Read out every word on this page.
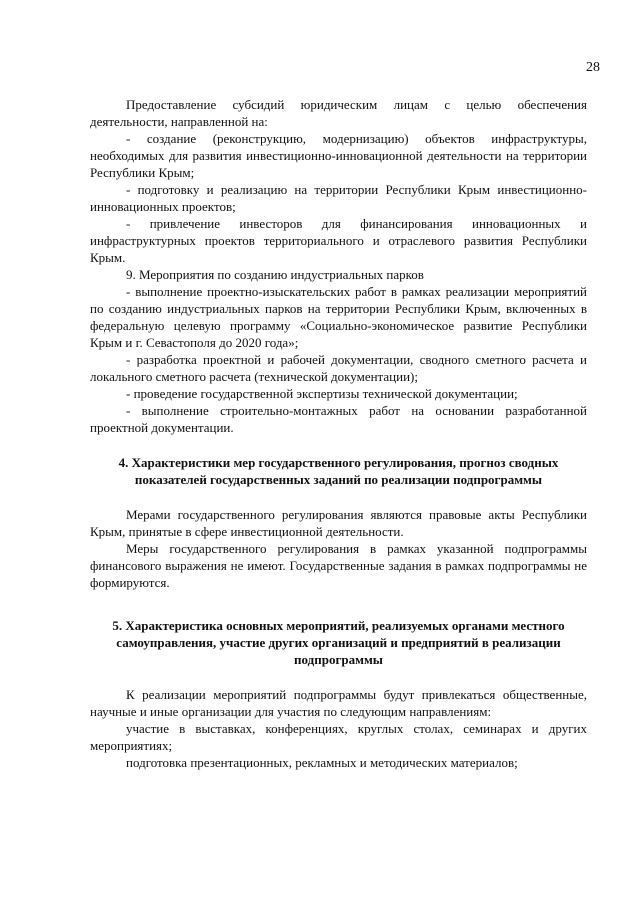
28

Предоставление субсидий юридическим лицам с целью обеспечения деятельности, направленной на:

- создание (реконструкцию, модернизацию) объектов инфраструктуры, необходимых для развития инвестиционно-инновационной деятельности на территории Республики Крым;

- подготовку и реализацию на территории Республики Крым инвестиционно-инновационных проектов;

- привлечение инвесторов для финансирования инновационных и инфраструктурных проектов территориального и отраслевого развития Республики Крым.

9. Мероприятия по созданию индустриальных парков

- выполнение проектно-изыскательских работ в рамках реализации мероприятий по созданию индустриальных парков на территории Республики Крым, включенных в федеральную целевую программу «Социально-экономическое развитие Республики Крым и г. Севастополя до 2020 года»;

- разработка проектной и рабочей документации, сводного сметного расчета и локального сметного расчета (технической документации);

- проведение государственной экспертизы технической документации;

- выполнение строительно-монтажных работ на основании разработанной проектной документации.

4. Характеристики мер государственного регулирования, прогноз сводных показателей государственных заданий по реализации подпрограммы

Мерами государственного регулирования являются правовые акты Республики Крым, принятые в сфере инвестиционной деятельности.

Меры государственного регулирования в рамках указанной подпрограммы финансового выражения не имеют. Государственные задания в рамках подпрограммы не формируются.

5. Характеристика основных мероприятий, реализуемых органами местного самоуправления, участие других организаций и предприятий в реализации подпрограммы

К реализации мероприятий подпрограммы будут привлекаться общественные, научные и иные организации для участия по следующим направлениям:

участие в выставках, конференциях, круглых столах, семинарах и других мероприятиях;

подготовка презентационных, рекламных и методических материалов;
